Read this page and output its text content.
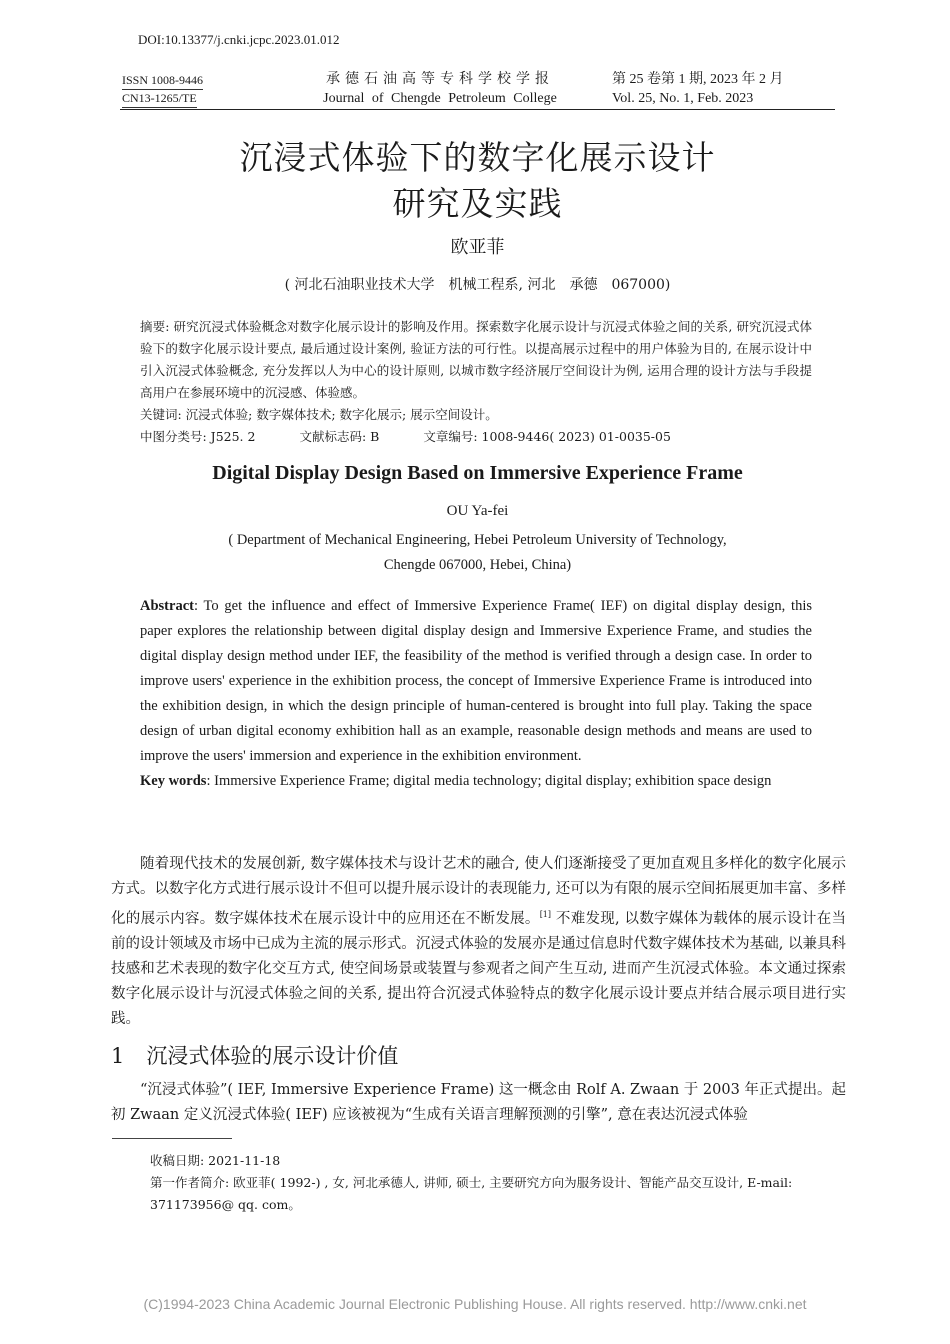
DOI:10.13377/j.cnki.jcpc.2023.01.012
ISSN 1008-9446
CN13-1265/TE
承德石油高等专科学校学报
Journal of Chengde Petroleum College
第 25 卷第 1 期, 2023 年 2 月
Vol. 25, No. 1, Feb. 2023
沉浸式体验下的数字化展示设计
研究及实践
欧亚菲
( 河北石油职业技术大学　机械工程系, 河北　承德　067000)

摘要: 研究沉浸式体验概念对数字化展示设计的影响及作用。探索数字化展示设计与沉浸式体验之间的关系, 研究沉浸式体验下的数字化展示设计要点, 最后通过设计案例, 验证方法的可行性。以提高展示过程中的用户体验为目的, 在展示设计中引入沉浸式体验概念, 充分发挥以人为中心的设计原则, 以城市数字经济展厅空间设计为例, 运用合理的设计方法与手段提高用户在参展环境中的沉浸感、体验感。

关键词: 沉浸式体验; 数字媒体技术; 数字化展示; 展示空间设计。

中图分类号: J525. 2	文献标志码: B	文章编号: 1008-9446( 2023) 01-0035-05

Digital Display Design Based on Immersive Experience Frame
OU Ya-fei
( Department of Mechanical Engineering, Hebei Petroleum University of Technology,
Chengde 067000, Hebei, China)

Abstract: To get the influence and effect of Immersive Experience Frame( IEF) on digital display design, this paper explores the relationship between digital display design and Immersive Experience Frame, and studies the digital display design method under IEF, the feasibility of the method is verified through a design case. In order to improve users' experience in the exhibition process, the concept of Immersive Experience Frame is introduced into the exhibition design, in which the design principle of human-centered is brought into full play. Taking the space design of urban digital economy exhibition hall as an example, reasonable design methods and means are used to improve the users' immersion and experience in the exhibition environment.

Key words: Immersive Experience Frame; digital media technology; digital display; exhibition space design

随着现代技术的发展创新, 数字媒体技术与设计艺术的融合, 使人们逐渐接受了更加直观且多样化的数字化展示方式。以数字化方式进行展示设计不但可以提升展示设计的表现能力, 还可以为有限的展示空间拓展更加丰富、多样化的展示内容。数字媒体技术在展示设计中的应用还在不断发展。[1] 不难发现, 以数字媒体为载体的展示设计在当前的设计领域及市场中已成为主流的展示形式。沉浸式体验的发展亦是通过信息时代数字媒体技术为基础, 以兼具科技感和艺术表现的数字化交互方式, 使空间场景或装置与参观者之间产生互动, 进而产生沉浸式体验。本文通过探索数字化展示设计与沉浸式体验之间的关系, 提出符合沉浸式体验特点的数字化展示设计要点并结合展示项目进行实践。

1 沉浸式体验的展示设计价值

“沉浸式体验”( IEF, Immersive Experience Frame) 这一概念由 Rolf A. Zwaan 于 2003 年正式提出。起初 Zwaan 定义沉浸式体验( IEF) 应该被视为“生成有关语言理解预测的引擎”, 意在表达沉浸式体验

收稿日期: 2021-11-18
第一作者简介: 欧亚菲( 1992-) , 女, 河北承德人, 讲师, 硕士, 主要研究方向为服务设计、智能产品交互设计, E-mail: 371173956@ qq. com。
(C)1994-2023 China Academic Journal Electronic Publishing House. All rights reserved. http://www.cnki.net
